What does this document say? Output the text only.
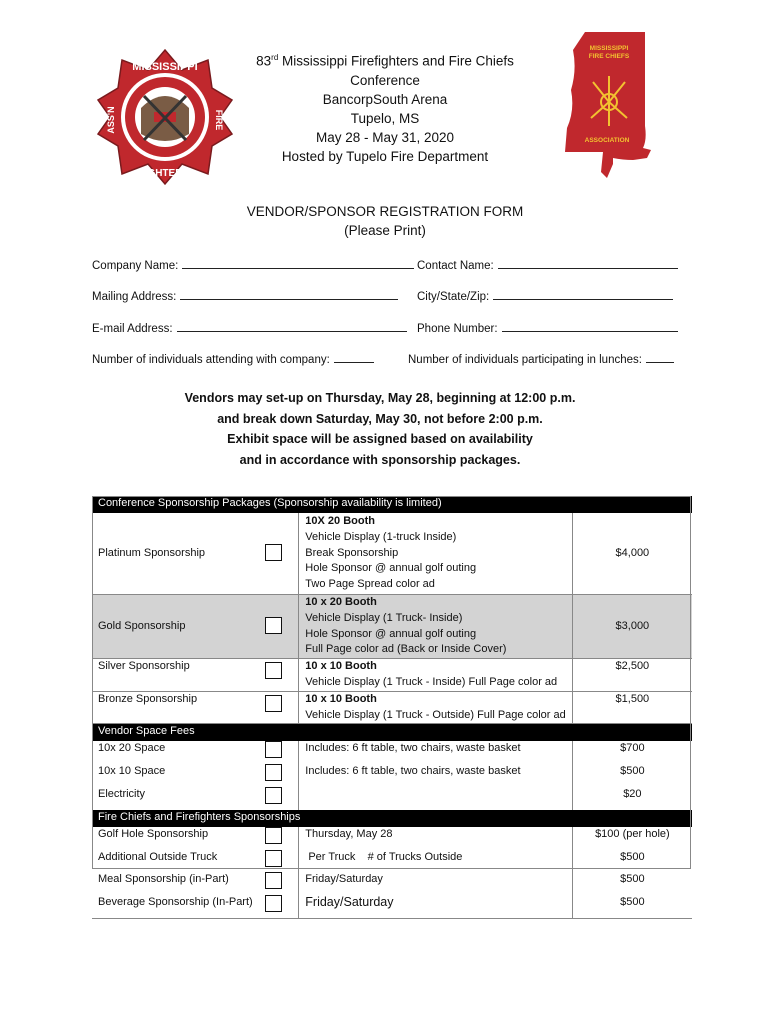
MISSISSIPPI
FIGHTER'S
FIRE
ASS'N
MISSISSIPPI FIRE CHIEFS
ASSOCIATION
83rd Mississippi Firefighters and Fire Chiefs
Conference
BancorpSouth Arena
Tupelo, MS
May 28 - May 31, 2020
Hosted by Tupelo Fire Department
VENDOR/SPONSOR REGISTRATION FORM
(Please Print)
Company Name:	Contact Name:
Mailing Address:	City/State/Zip:
E-mail Address:	Phone Number:
Number of individuals attending with company:	Number of individuals participating in lunches:
Vendors may set-up on Thursday, May 28, beginning at 12:00 p.m.
and break down Saturday, May 30, not before 2:00 p.m.
Exhibit space will be assigned based on availability
and in accordance with sponsorship packages.
Conference Sponsorship Packages (Sponsorship availability is limited)			
Platinum Sponsorship		10X 20 Booth
Vehicle Display (1-truck Inside)
Break Sponsorship
Hole Sponsor @ annual golf outing
Two Page Spread color ad	$4,000
Gold Sponsorship		10 x 20 Booth
Vehicle Display (1 Truck- Inside)
Hole Sponsor @ annual golf outing
Full Page color ad (Back or Inside Cover)	$3,000
Silver Sponsorship		10 x 10 Booth
Vehicle Display (1 Truck - Inside) Full Page color ad	$2,500
Bronze Sponsorship		10 x 10 Booth
Vehicle Display (1 Truck - Outside) Full Page color ad	$1,500
Vendor Space Fees			
10x 20 Space		Includes: 6 ft table, two chairs, waste basket	$700
10x 10 Space		Includes: 6 ft table, two chairs, waste basket	$500
Electricity			$20
Fire Chiefs and Firefighters Sponsorships			
Golf Hole Sponsorship		Thursday, May 28	$100 (per hole)
Additional Outside Truck		Per Truck    # of Trucks Outside	$500
Meal Sponsorship (in-Part)		Friday/Saturday	$500
Beverage Sponsorship (In-Part)		Friday/Saturday	$500
